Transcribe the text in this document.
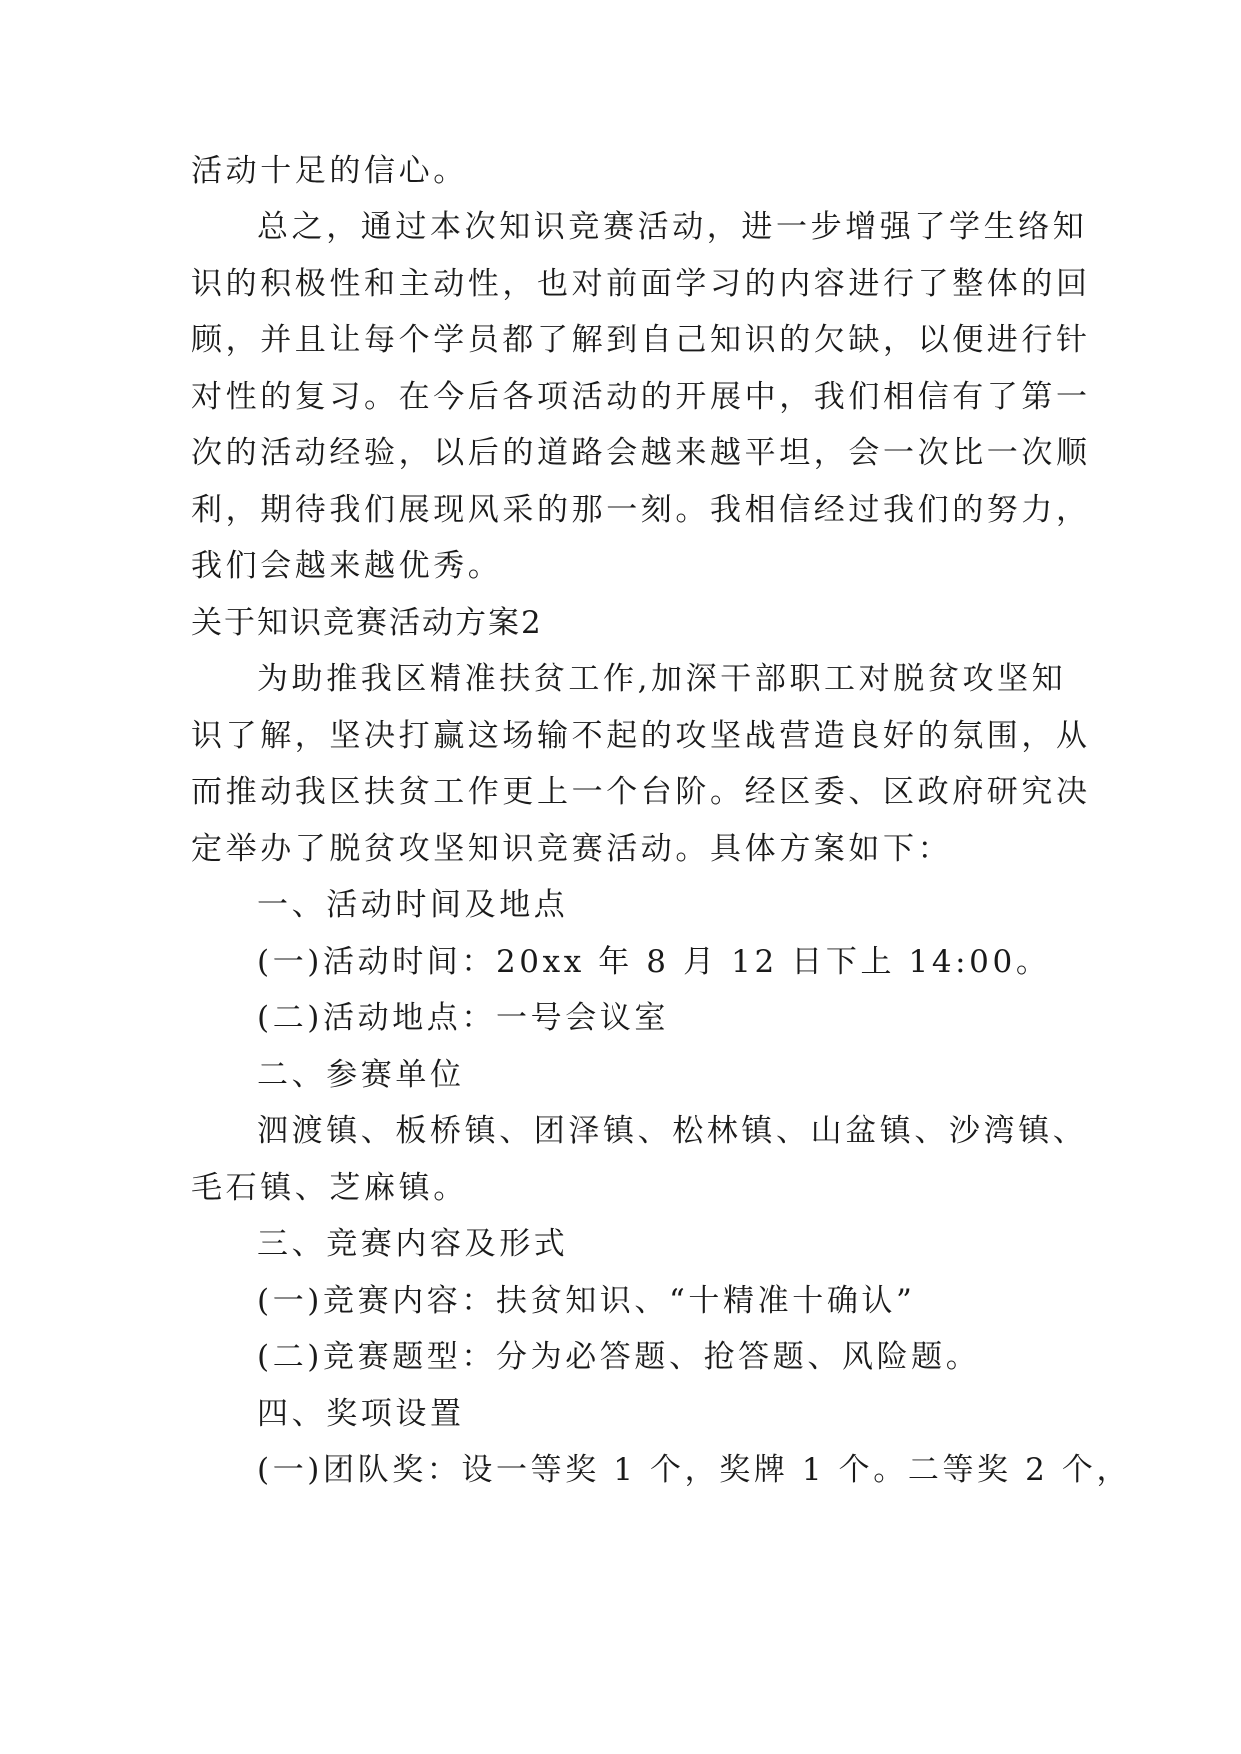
活动十足的信心。
总之，通过本次知识竞赛活动，进一步增强了学生络知
识的积极性和主动性，也对前面学习的内容进行了整体的回
顾，并且让每个学员都了解到自己知识的欠缺，以便进行针
对性的复习。在今后各项活动的开展中，我们相信有了第一
次的活动经验，以后的道路会越来越平坦，会一次比一次顺
利，期待我们展现风采的那一刻。我相信经过我们的努力，
我们会越来越优秀。
关于知识竞赛活动方案2
为助推我区精准扶贫工作,加深干部职工对脱贫攻坚知
识了解，坚决打赢这场输不起的攻坚战营造良好的氛围，从
而推动我区扶贫工作更上一个台阶。经区委、区政府研究决
定举办了脱贫攻坚知识竞赛活动。具体方案如下：
一、活动时间及地点
(一)活动时间：20xx 年 8 月 12 日下上 14:00。
(二)活动地点：一号会议室
二、参赛单位
泗渡镇、板桥镇、团泽镇、松林镇、山盆镇、沙湾镇、
毛石镇、芝麻镇。
三、竞赛内容及形式
(一)竞赛内容：扶贫知识、“十精准十确认”
(二)竞赛题型：分为必答题、抢答题、风险题。
四、奖项设置
(一)团队奖：设一等奖 1 个，奖牌 1 个。二等奖 2 个，
